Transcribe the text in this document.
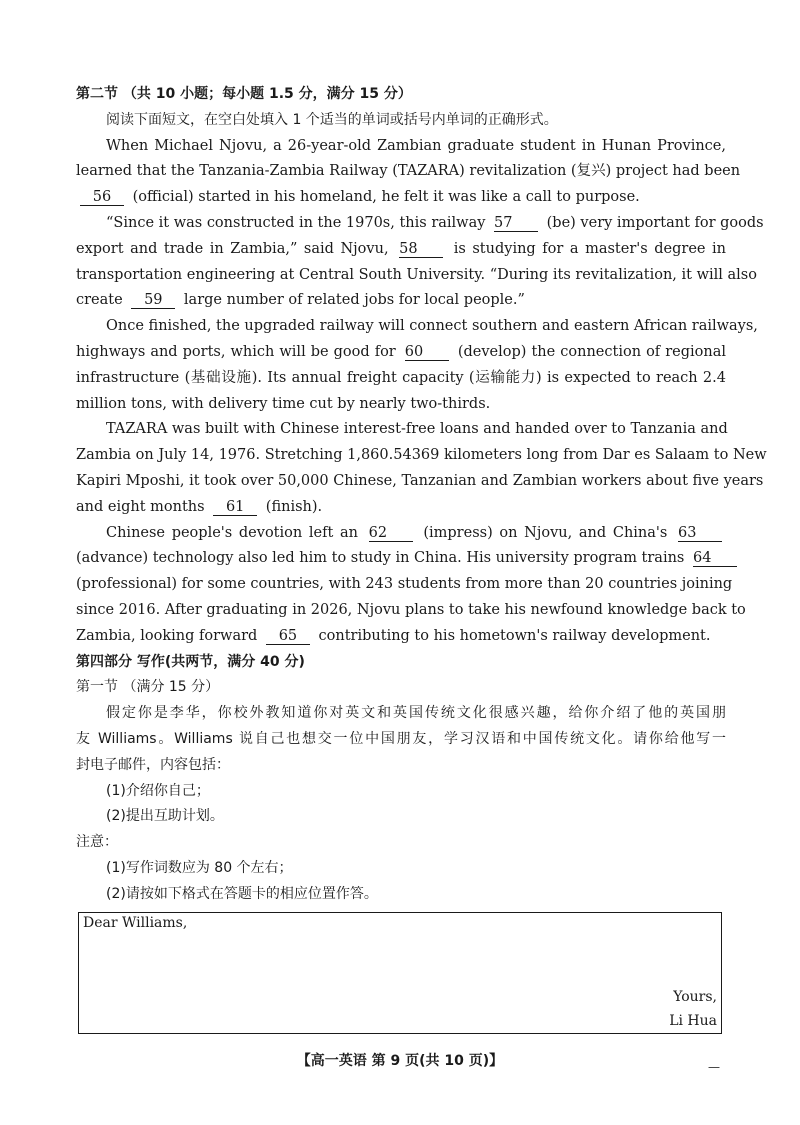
第二节 （共 10 小题；每小题 1.5 分，满分 15 分）
阅读下面短文，在空白处填入 1 个适当的单词或括号内单词的正确形式。
When Michael Njovu, a 26-year-old Zambian graduate student in Hunan Province,
learned that the Tanzania-Zambia Railway (TAZARA) revitalization (复兴) project had been
56 (official) started in his homeland, he felt it was like a call to purpose.
“Since it was constructed in the 1970s, this railway 57 (be) very important for goods
export and trade in Zambia,” said Njovu, 58 is studying for a master's degree in
transportation engineering at Central South University. “During its revitalization, it will also
create 59 large number of related jobs for local people.”
Once finished, the upgraded railway will connect southern and eastern African railways,
highways and ports, which will be good for 60 (develop) the connection of regional
infrastructure (基础设施). Its annual freight capacity (运输能力) is expected to reach 2.4
million tons, with delivery time cut by nearly two-thirds.
TAZARA was built with Chinese interest-free loans and handed over to Tanzania and
Zambia on July 14, 1976. Stretching 1,860.54369 kilometers long from Dar es Salaam to New
Kapiri Mposhi, it took over 50,000 Chinese, Tanzanian and Zambian workers about five years
and eight months 61 (finish).
Chinese people's devotion left an 62 (impress) on Njovu, and China's 63
(advance) technology also led him to study in China. His university program trains 64
(professional) for some countries, with 243 students from more than 20 countries joining
since 2016. After graduating in 2026, Njovu plans to take his newfound knowledge back to
Zambia, looking forward 65 contributing to his hometown's railway development.
第四部分 写作(共两节，满分 40 分)
第一节 （满分 15 分）
假定你是李华，你校外教知道你对英文和英国传统文化很感兴趣，给你介绍了他的英国朋
友 Williams。Williams 说自己也想交一位中国朋友，学习汉语和中国传统文化。请你给他写一
封电子邮件，内容包括：
(1)介绍你自己；
(2)提出互助计划。
注意：
(1)写作词数应为 80 个左右；
(2)请按如下格式在答题卡的相应位置作答。
Dear Williams,
Yours,
Li Hua
【高一英语 第 9 页(共 10 页)】	—
